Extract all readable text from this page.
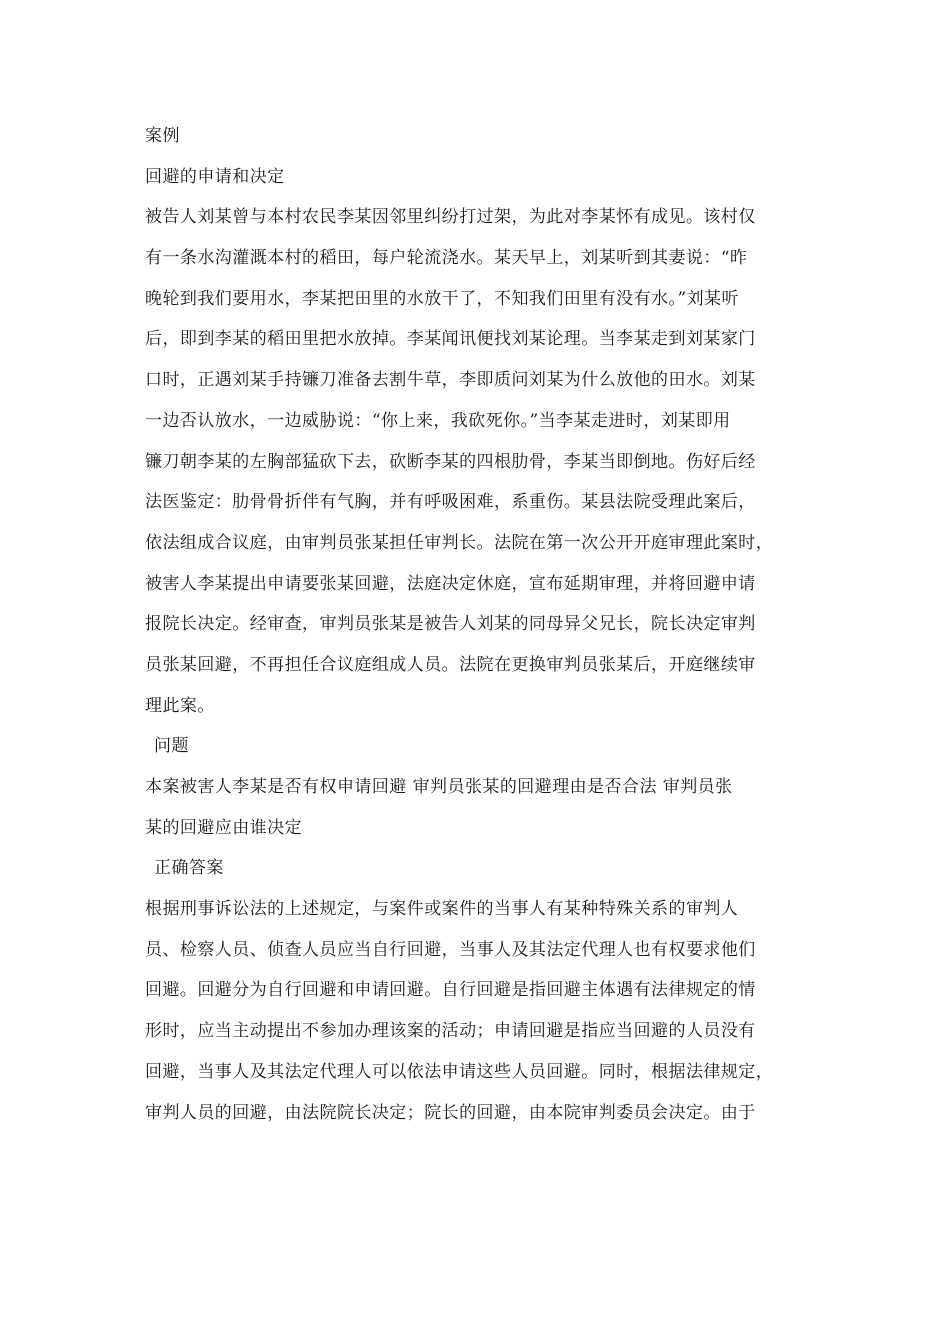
案例
回避的申请和决定
被告人刘某曾与本村农民李某因邻里纠纷打过架，为此对李某怀有成见。该村仅
有一条水沟灌溉本村的稻田，每户轮流浇水。某天早上，刘某听到其妻说：“昨
晚轮到我们要用水，李某把田里的水放干了，不知我们田里有没有水。”刘某听
后，即到李某的稻田里把水放掉。李某闻讯便找刘某论理。当李某走到刘某家门
口时，正遇刘某手持镰刀准备去割牛草，李即质问刘某为什么放他的田水。刘某
一边否认放水，一边威胁说：“你上来，我砍死你。”当李某走进时，刘某即用
镰刀朝李某的左胸部猛砍下去，砍断李某的四根肋骨，李某当即倒地。伤好后经
法医鉴定：肋骨骨折伴有气胸，并有呼吸困难，系重伤。某县法院受理此案后，
依法组成合议庭，由审判员张某担任审判长。法院在第一次公开开庭审理此案时，
被害人李某提出申请要张某回避，法庭决定休庭，宣布延期审理，并将回避申请
报院长决定。经审查，审判员张某是被告人刘某的同母异父兄长，院长决定审判
员张某回避，不再担任合议庭组成人员。法院在更换审判员张某后，开庭继续审
理此案。
问题
本案被害人李某是否有权申请回避 审判员张某的回避理由是否合法 审判员张
某的回避应由谁决定
正确答案
根据刑事诉讼法的上述规定，与案件或案件的当事人有某种特殊关系的审判人
员、检察人员、侦查人员应当自行回避，当事人及其法定代理人也有权要求他们
回避。回避分为自行回避和申请回避。自行回避是指回避主体遇有法律规定的情
形时，应当主动提出不参加办理该案的活动；申请回避是指应当回避的人员没有
回避，当事人及其法定代理人可以依法申请这些人员回避。同时，根据法律规定，
审判人员的回避，由法院院长决定；院长的回避，由本院审判委员会决定。由于
